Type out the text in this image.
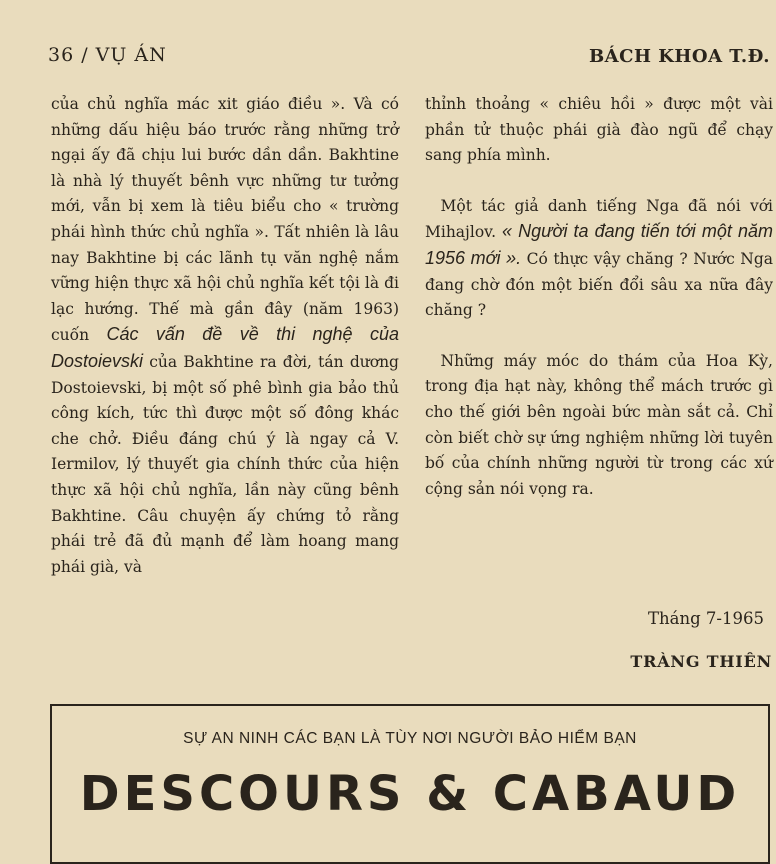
36 / VỤ ÁN	BÁCH KHOA T.Đ.

của chủ nghĩa mác xit giáo điều ». Và có những dấu hiệu báo trước rằng những trở ngại ấy đã chịu lui bước dần dần. Bakhtine là nhà lý thuyết bênh vực những tư tưởng mới, vẫn bị xem là tiêu biểu cho « trường phái hình thức chủ nghĩa ». Tất nhiên là lâu nay Bakhtine bị các lãnh tụ văn nghệ nắm vững hiện thực xã hội chủ nghĩa kết tội là đi lạc hướng. Thế mà gần đây (năm 1963) cuốn Các vấn đề về thi nghệ của Dostoievski của Bakhtine ra đời, tán dương Dostoievski, bị một số phê bình gia bảo thủ công kích, tức thì được một số đông khác che chở. Điều đáng chú ý là ngay cả V. Iermilov, lý thuyết gia chính thức của hiện thực xã hội chủ nghĩa, lần này cũng bênh Bakhtine. Câu chuyện ấy chứng tỏ rằng phái trẻ đã đủ mạnh để làm hoang mang phái già, và

thỉnh thoảng « chiêu hồi » được một vài phần tử thuộc phái già đào ngũ để chạy sang phía mình.

 Một tác giả danh tiếng Nga đã nói với Mihajlov. « Người ta đang tiến tới một năm 1956 mới ». Có thực vậy chăng ? Nước Nga đang chờ đón một biến đổi sâu xa nữa đây chăng ?

 Những máy móc do thám của Hoa Kỳ, trong địa hạt này, không thể mách trước gì cho thế giới bên ngoài bức màn sắt cả. Chỉ còn biết chờ sự ứng nghiệm những lời tuyên bố của chính những người từ trong các xứ cộng sản nói vọng ra.

Tháng 7-1965
TRÀNG THIÊN
SỰ AN NINH CÁC BẠN LÀ TÙY NƠI NGƯỜI BẢO HIỂM BẠN
DESCOURS & CABAUD
